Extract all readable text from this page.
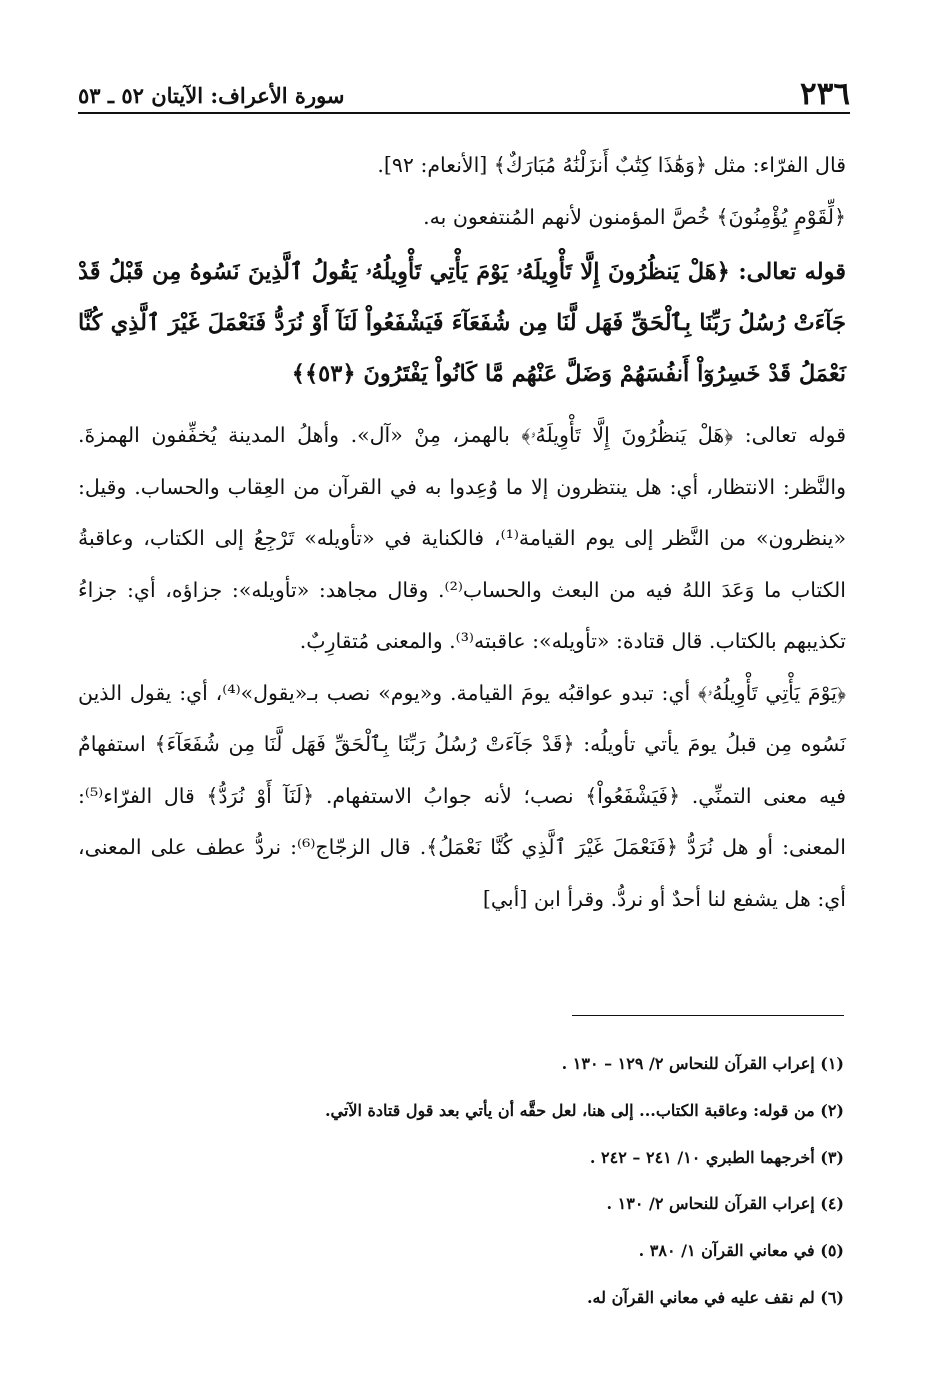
٢٣٦
سورة الأعراف: الآيتان ٥٢ ـ ٥٣

قال الفرّاء: مثل ﴿وَهَٰذَا كِتَٰبٌ أَنزَلْنَٰهُ مُبَارَكٌ﴾ [الأنعام: ٩٢].

﴿لِّقَوْمٍ يُؤْمِنُونَ﴾ خُصَّ المؤمنون لأنهم المُنتفعون به.

قوله تعالى: ﴿هَلْ يَنظُرُونَ إِلَّا تَأْوِيلَهُۥ يَوْمَ يَأْتِي تَأْوِيلُهُۥ يَقُولُ ٱلَّذِينَ نَسُوهُ مِن قَبْلُ قَدْ جَآءَتْ رُسُلُ رَبِّنَا بِٱلْحَقِّ فَهَل لَّنَا مِن شُفَعَآءَ فَيَشْفَعُواْ لَنَآ أَوْ نُرَدُّ فَنَعْمَلَ غَيْرَ ٱلَّذِي كُنَّا نَعْمَلُ قَدْ خَسِرُوٓاْ أَنفُسَهُمْ وَضَلَّ عَنْهُم مَّا كَانُواْ يَفْتَرُونَ ﴿٥٣﴾﴾

قوله تعالى: ﴿هَلْ يَنظُرُونَ إِلَّا تَأْوِيلَهُۥ﴾ بالهمز، مِنْ «آل». وأهلُ المدينة يُخفِّفون الهمزةَ. والنَّظر: الانتظار، أي: هل ينتظرون إلا ما وُعِدوا به في القرآن من العِقاب والحساب. وقيل: «ينظرون» من النَّظر إلى يوم القيامة⁽¹⁾، فالكناية في «تأويله» تَرْجِعُ إلى الكتاب، وعاقبةُ الكتاب ما وَعَدَ اللهُ فيه من البعث والحساب⁽²⁾. وقال مجاهد: «تأويله»: جزاؤه، أي: جزاءُ تكذيبهم بالكتاب. قال قتادة: «تأويله»: عاقبته⁽³⁾. والمعنى مُتقارِبٌ.

﴿يَوْمَ يَأْتِي تَأْوِيلُهُۥ﴾ أي: تبدو عواقبُه يومَ القيامة. و«يوم» نصب بـ«يقول»⁽⁴⁾، أي: يقول الذين نَسُوه مِن قبلُ يومَ يأتي تأويلُه: ﴿قَدْ جَآءَتْ رُسُلُ رَبِّنَا بِٱلْحَقِّ فَهَل لَّنَا مِن شُفَعَآءَ﴾ استفهامٌ فيه معنى التمنِّي. ﴿فَيَشْفَعُواْ﴾ نصب؛ لأنه جوابُ الاستفهام. ﴿لَنَآ أَوْ نُرَدُّ﴾ قال الفرّاء⁽⁵⁾: المعنى: أو هل نُرَدُّ ﴿فَنَعْمَلَ غَيْرَ ٱلَّذِي كُنَّا نَعْمَلُ﴾. قال الزجّاج⁽⁶⁾: نردُّ عطف على المعنى، أي: هل يشفع لنا أحدٌ أو نردُّ. وقرأ ابن [أبي]

(١) إعراب القرآن للنحاس ٢/ ١٢٩ – ١٣٠ .
(٢) من قوله: وعاقبة الكتاب... إلى هنا، لعل حقَّه أن يأتي بعد قول قتادة الآتي.
(٣) أخرجهما الطبري ١٠/ ٢٤١ – ٢٤٢ .
(٤) إعراب القرآن للنحاس ٢/ ١٣٠ .
(٥) في معاني القرآن ١/ ٣٨٠ .
(٦) لم نقف عليه في معاني القرآن له.
